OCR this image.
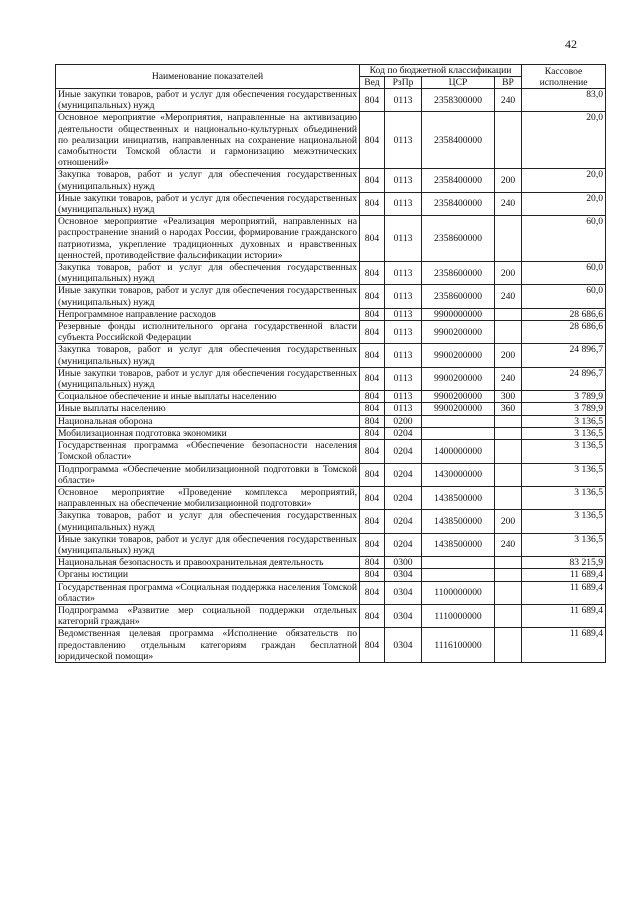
42
Наименование показателей	Код по бюджетной классификации				Кассовое исполнение
	Вед	РзПр	ЦСР	ВР	
Иные закупки товаров, работ и услуг для обеспечения государственных (муниципальных) нужд	804	0113	2358300000	240	83,0
Основное мероприятие «Мероприятия, направленные на активизацию деятельности общественных и национально-культурных объединений по реализации инициатив, направленных на сохранение национальной самобытности Томской области и гармонизацию межэтнических отношений»	804	0113	2358400000		20,0
Закупка товаров, работ и услуг для обеспечения государственных (муниципальных) нужд	804	0113	2358400000	200	20,0
Иные закупки товаров, работ и услуг для обеспечения государственных (муниципальных) нужд	804	0113	2358400000	240	20,0
Основное мероприятие «Реализация мероприятий, направленных на распространение знаний о народах России, формирование гражданского патриотизма, укрепление традиционных духовных и нравственных ценностей, противодействие фальсификации истории»	804	0113	2358600000		60,0
Закупка товаров, работ и услуг для обеспечения государственных (муниципальных) нужд	804	0113	2358600000	200	60,0
Иные закупки товаров, работ и услуг для обеспечения государственных (муниципальных) нужд	804	0113	2358600000	240	60,0
Непрограммное направление расходов	804	0113	9900000000		28 686,6
Резервные фонды исполнительного органа государственной власти субъекта Российской Федерации	804	0113	9900200000		28 686,6
Закупка товаров, работ и услуг для обеспечения государственных (муниципальных) нужд	804	0113	9900200000	200	24 896,7
Иные закупки товаров, работ и услуг для обеспечения государственных (муниципальных) нужд	804	0113	9900200000	240	24 896,7
Социальное обеспечение и иные выплаты населению	804	0113	9900200000	300	3 789,9
Иные выплаты населению	804	0113	9900200000	360	3 789,9
Национальная оборона	804	0200			3 136,5
Мобилизационная подготовка экономики	804	0204			3 136,5
Государственная программа «Обеспечение безопасности населения Томской области»	804	0204	1400000000		3 136,5
Подпрограмма «Обеспечение мобилизационной подготовки в Томской области»	804	0204	1430000000		3 136,5
Основное мероприятие «Проведение комплекса мероприятий, направленных на обеспечение мобилизационной подготовки»	804	0204	1438500000		3 136,5
Закупка товаров, работ и услуг для обеспечения государственных (муниципальных) нужд	804	0204	1438500000	200	3 136,5
Иные закупки товаров, работ и услуг для обеспечения государственных (муниципальных) нужд	804	0204	1438500000	240	3 136,5
Национальная безопасность и правоохранительная деятельность	804	0300			83 215,9
Органы юстиции	804	0304			11 689,4
Государственная программа «Социальная поддержка населения Томской области»	804	0304	1100000000		11 689,4
Подпрограмма «Развитие мер социальной поддержки отдельных категорий граждан»	804	0304	1110000000		11 689,4
Ведомственная целевая программа «Исполнение обязательств по предоставлению отдельным категориям граждан бесплатной юридической помощи»	804	0304	1116100000		11 689,4
